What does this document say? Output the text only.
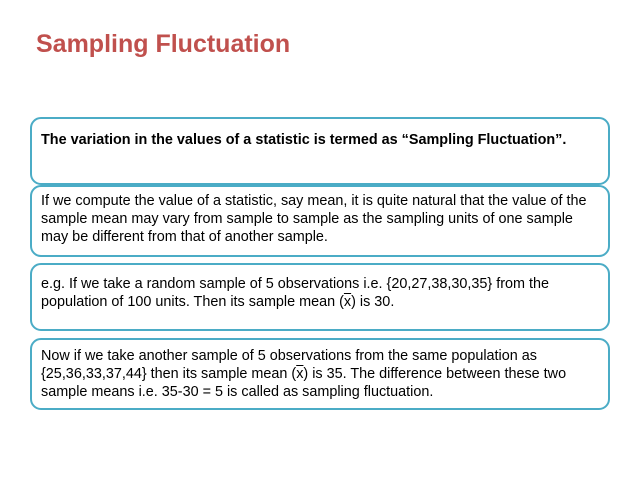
Sampling Fluctuation

The variation in the values of a statistic is termed as “Sampling Fluctuation”.

If we compute the value of a statistic, say mean, it is quite natural that the value of the sample mean may vary from sample to sample as the sampling units of one sample may be different from that of another sample.

e.g. If we take a random sample of 5 observations i.e. {20,27,38,30,35} from the population of 100 units. Then its sample mean $(\overline{x})$ is 30.

Now if we take another sample of 5 observations from the same population as {25,36,33,37,44} then its sample mean $(\overline{x})$ is 35. The difference between these two sample means i.e. 35-30 = 5 is called as sampling fluctuation.
